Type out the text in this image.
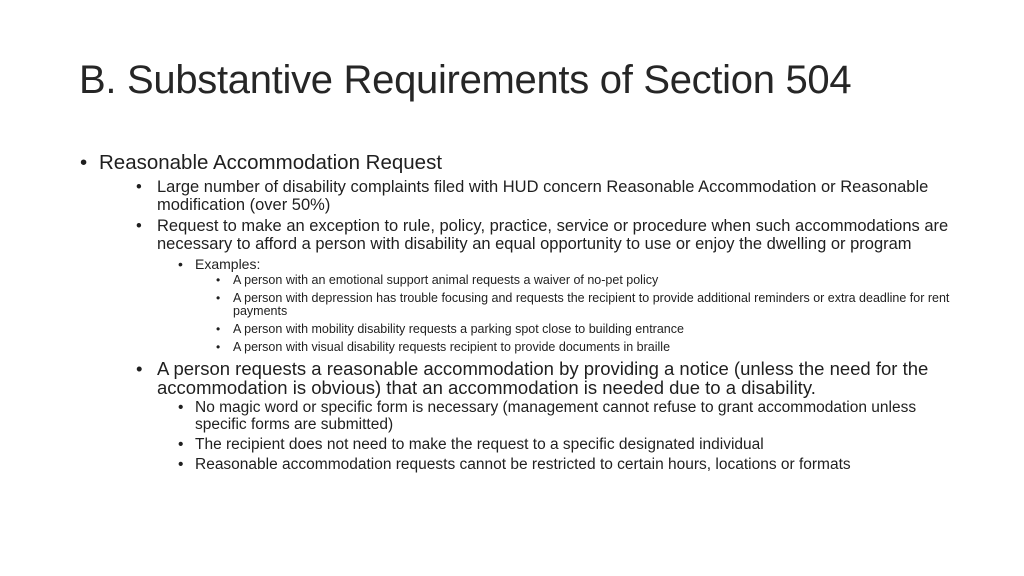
B. Substantive Requirements of Section 504
• Reasonable Accommodation Request
• Large number of disability complaints filed with HUD concern Reasonable Accommodation or Reasonable modification (over 50%)
• Request to make an exception to rule, policy, practice, service or procedure when such accommodations are necessary to afford a person with disability an equal opportunity to use or enjoy the dwelling or program
• Examples:
• A person with an emotional support animal requests a waiver of no-pet policy
• A person with depression has trouble focusing and requests the recipient to provide additional reminders or extra deadline for rent payments
• A person with mobility disability requests a parking spot close to building entrance
• A person with visual disability requests recipient to provide documents in braille
• A person requests a reasonable accommodation by providing a notice (unless the need for the accommodation is obvious) that an accommodation is needed due to a disability.
• No magic word or specific form is necessary (management cannot refuse to grant accommodation unless specific forms are submitted)
• The recipient does not need to make the request to a specific designated individual
• Reasonable accommodation requests cannot be restricted to certain hours, locations or formats
